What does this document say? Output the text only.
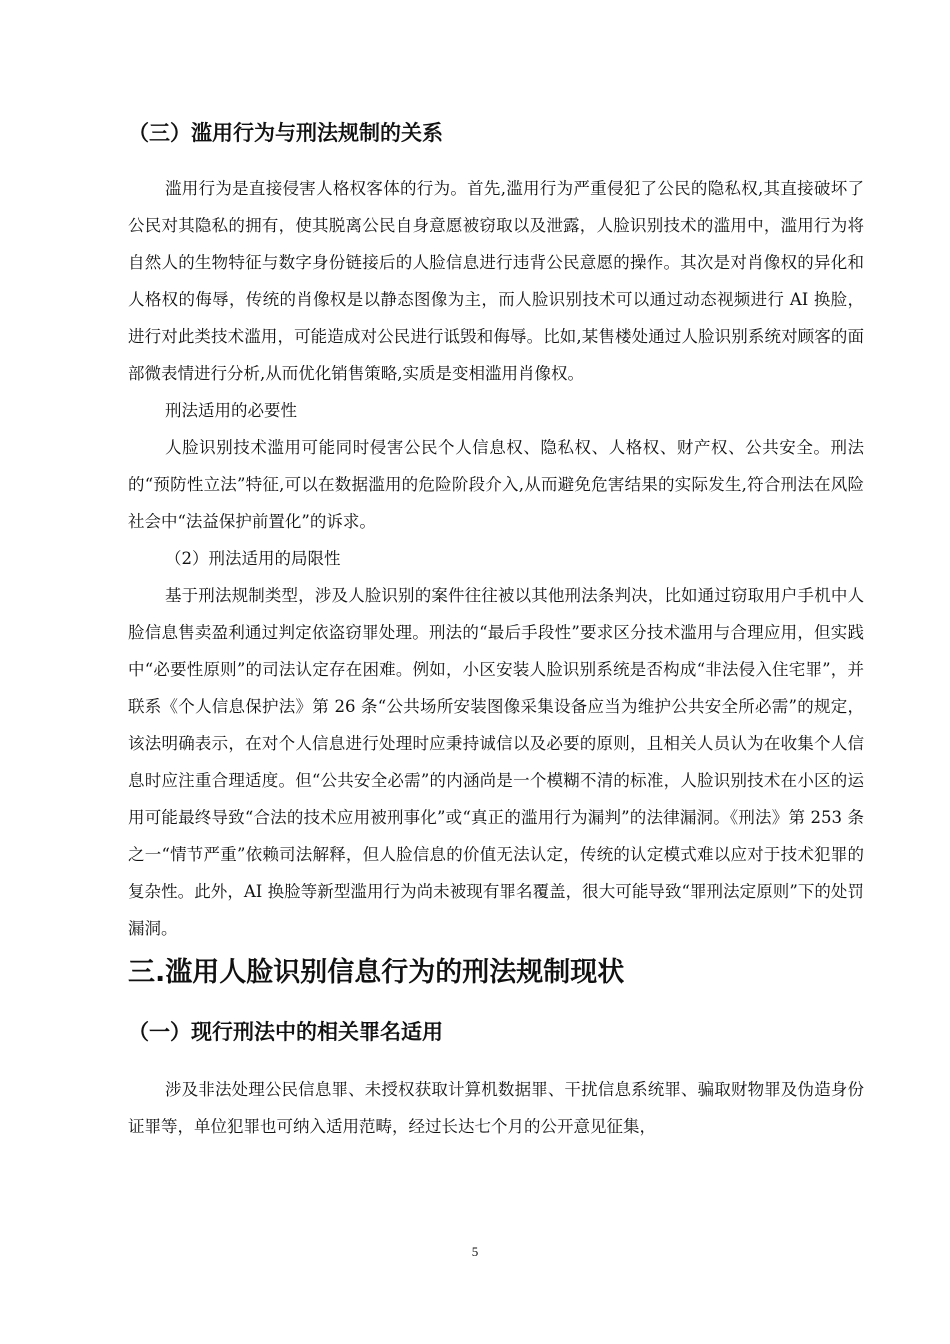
（三）滥用行为与刑法规制的关系

滥用行为是直接侵害人格权客体的行为。首先,滥用行为严重侵犯了公民的隐私权,其直接破坏了公民对其隐私的拥有，使其脱离公民自身意愿被窃取以及泄露，人脸识别技术的滥用中，滥用行为将自然人的生物特征与数字身份链接后的人脸信息进行违背公民意愿的操作。其次是对肖像权的异化和人格权的侮辱，传统的肖像权是以静态图像为主，而人脸识别技术可以通过动态视频进行 AI 换脸，进行对此类技术滥用，可能造成对公民进行诋毁和侮辱。比如,某售楼处通过人脸识别系统对顾客的面部微表情进行分析,从而优化销售策略,实质是变相滥用肖像权。

刑法适用的必要性

人脸识别技术滥用可能同时侵害公民个人信息权、隐私权、人格权、财产权、公共安全。刑法的“预防性立法”特征,可以在数据滥用的危险阶段介入,从而避免危害结果的实际发生,符合刑法在风险社会中“法益保护前置化”的诉求。

（2）刑法适用的局限性

基于刑法规制类型，涉及人脸识别的案件往往被以其他刑法条判决，比如通过窃取用户手机中人脸信息售卖盈利通过判定依盗窃罪处理。刑法的“最后手段性”要求区分技术滥用与合理应用，但实践中“必要性原则”的司法认定存在困难。例如，小区安装人脸识别系统是否构成“非法侵入住宅罪”，并联系《个人信息保护法》第 26 条“公共场所安装图像采集设备应当为维护公共安全所必需”的规定，该法明确表示，在对个人信息进行处理时应秉持诚信以及必要的原则，且相关人员认为在收集个人信息时应注重合理适度。但“公共安全必需”的内涵尚是一个模糊不清的标准，人脸识别技术在小区的运用可能最终导致“合法的技术应用被刑事化”或“真正的滥用行为漏判”的法律漏洞。《刑法》第 253 条之一“情节严重”依赖司法解释，但人脸信息的价值无法认定，传统的认定模式难以应对于技术犯罪的复杂性。此外，AI 换脸等新型滥用行为尚未被现有罪名覆盖，很大可能导致“罪刑法定原则”下的处罚漏洞。

三.滥用人脸识别信息行为的刑法规制现状
（一）现行刑法中的相关罪名适用

涉及非法处理公民信息罪、未授权获取计算机数据罪、干扰信息系统罪、骗取财物罪及伪造身份证罪等，单位犯罪也可纳入适用范畴，经过长达七个月的公开意见征集，

5
